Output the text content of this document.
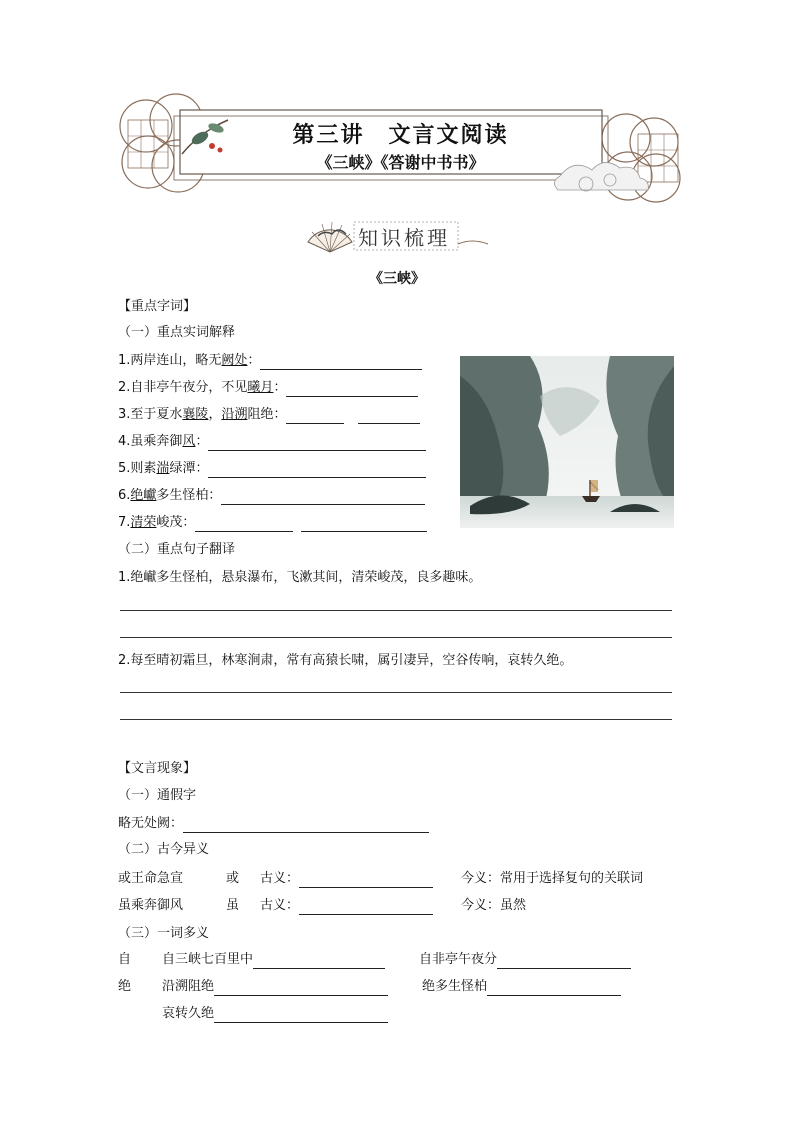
第三讲　文言文阅读
《三峡》《答谢中书书》
知识梳理
《三峡》
【重点字词】
（一）重点实词解释
1.两岸连山，略无阙处：
2.自非亭午夜分，不见曦月：
3.至于夏水襄陵，沿溯阻绝：
4.虽乘奔御风：
5.则素湍绿潭：
6.绝巘多生怪柏：
7.清荣峻茂：
（二）重点句子翻译
1.绝𪩘多生怪柏，悬泉瀑布，飞漱其间，清荣峻茂，良多趣味。
2.每至晴初霜旦，林寒涧肃，常有高猿长啸，属引凄异，空谷传响，哀转久绝。
【文言现象】
（一）通假字
略无处阙：
（二）古今异义
或王命急宣	或 古义：	今义：常用于选择复句的关联词
虽乘奔御风	虽 古义：	今义：虽然
（三）一词多义
自 自三峡七百里中	自非亭午夜分
绝 沿溯阻绝	绝多生怪柏
哀转久绝
